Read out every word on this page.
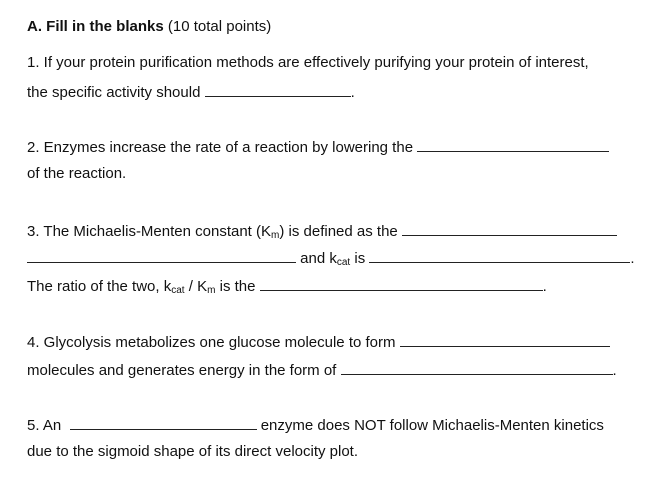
A. Fill in the blanks (10 total points)
1. If your protein purification methods are effectively purifying your protein of interest,
the specific activity should	.
2. Enzymes increase the rate of a reaction by lowering the
of the reaction.
3. The Michaelis-Menten constant $(K_m)$ is defined as the
and $k_{cat}$ is	.
The ratio of the two, $k_{cat} / K_m$ is the	.
4. Glycolysis metabolizes one glucose molecule to form
molecules and generates energy in the form of	.
5. An	enzyme does NOT follow Michaelis-Menten kinetics
due to the sigmoid shape of its direct velocity plot.
